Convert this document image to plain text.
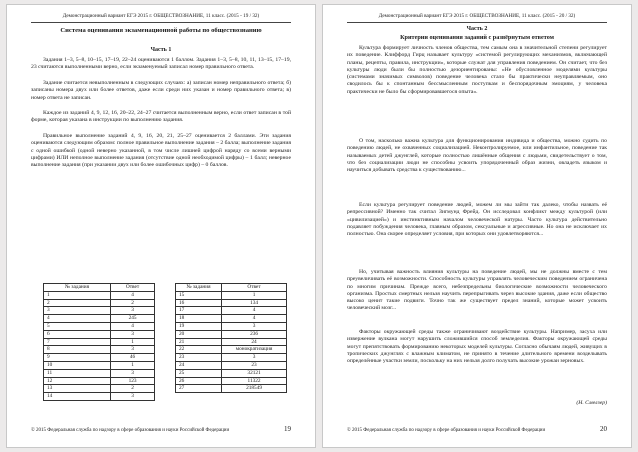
Демонстрационный вариант ЕГЭ 2015 г. ОБЩЕСТВОЗНАНИЕ, 11 класс. (2015 - 19 / 32)
Система оценивания экзаменационной работы по обществознанию
Часть 1
Задания 1–3, 5–8, 10–15, 17–19, 22–24 оцениваются 1 баллом. Задания 1–3, 5–8, 10, 11, 13–15, 17–19, 23 считаются выполненными верно, если экзаменуемый записал номер правильного ответа.
Задание считается невыполненным в следующих случаях: а) записан номер неправильного ответа; б) записаны номера двух или более ответов, даже если среди них указан и номер правильного ответа; в) номер ответа не записан.
Каждое из заданий 4, 9, 12, 16, 20–22, 24–27 считается выполненным верно, если ответ записан в той форме, которая указана в инструкции по выполнению задания.
Правильное выполнение заданий 4, 9, 16, 20, 21, 25–27 оценивается 2 баллами. Эти задания оцениваются следующим образом: полное правильное выполнение задания – 2 балла; выполнение задания с одной ошибкой (одной неверно указанной, в том числе лишней цифрой наряду со всеми верными цифрами) ИЛИ неполное выполнение задания (отсутствие одной необходимой цифры) – 1 балл; неверное выполнение задания (при указании двух или более ошибочных цифр) – 0 баллов.
№ задания	Ответ
1	4
2	2
3	3
4	245
5	4
6	3
7	1
8	3
9	46
10	1
11	3
12	123
13	2
14	3
№ задания	Ответ
15	1
16	134
17	4
18	4
19	3
20	236
21	24
22	монократизация
23	3
24	23
25	32121
26	11322
27	218549
© 2015 Федеральная служба по надзору в сфере образования и науки Российской Федерации	19
Демонстрационный вариант ЕГЭ 2015 г. ОБЩЕСТВОЗНАНИЕ, 11 класс. (2015 - 20 / 32)
Часть 2
Критерии оценивания заданий с развёрнутым ответом
Культура формирует личность членов общества, тем самым она в значительной степени регулирует их поведение. Клиффорд Гирц называет культуру «системой регулирующих механизмов, включающей планы, рецепты, правила, инструкции», которые служат для управления поведением. Он считает, что без культуры люди были бы полностью дезориентированы: «Не обусловленное моделями культуры (системами значимых символов) поведение человека стало бы практически неуправляемым, оно сводилось бы к спонтанным бессмысленным поступкам и беспорядочным эмоциям, у человека практически не было бы сформировавшегося опыта».
О том, насколько важна культура для функционирования индивида и общества, можно судить по поведению людей, не охваченных социализацией. Неконтролируемое, или инфантильное, поведение так называемых детей джунглей, которые полностью лишённые общения с людьми, свидетельствует о том, что без социализации люди не способны усвоить упорядоченный образ жизни, овладеть языком и научиться добывать средства к существованию...
Если культура регулирует поведение людей, можем ли мы зайти так далеко, чтобы назвать её репрессивной? Именно так считал Зигмунд Фрейд. Он исследовал конфликт между культурой (или «цивилизацией») и инстинктивным началом человеческой натуры. Часто культура действительно подавляет побуждения человека, главным образом, сексуальные и агрессивные. Но она не исключает их полностью. Она скорее определяет условия, при которых они удовлетворяются...
Но, учитывая важность влияния культуры на поведение людей, мы не должны вместе с тем преувеличивать её возможности. Способность культуры управлять человеческим поведением ограничена по многим причинам. Прежде всего, небезпредельны биологические возможности человеческого организма. Простых смертных нельзя научить перепрыгивать через высокие здания, даже если общество высоко ценит такие подвиги. Точно так же существует предел знаний, которые может усвоить человеческий мозг...
Факторы окружающей среды также ограничивают воздействие культуры. Например, засуха или извержение вулкана могут нарушить сложившийся способ земледелия. Факторы окружающей среды могут препятствовать формированию некоторых моделей культуры. Согласно обычаям людей, живущих в тропических джунглях с влажным климатом, не принято в течение длительного времени возделывать определённые участки земли, поскольку на них нельзя долго получать высокие урожаи зерновых.
(Н. Смелзер)
© 2015 Федеральная служба по надзору в сфере образования и науки Российской Федерации	20
